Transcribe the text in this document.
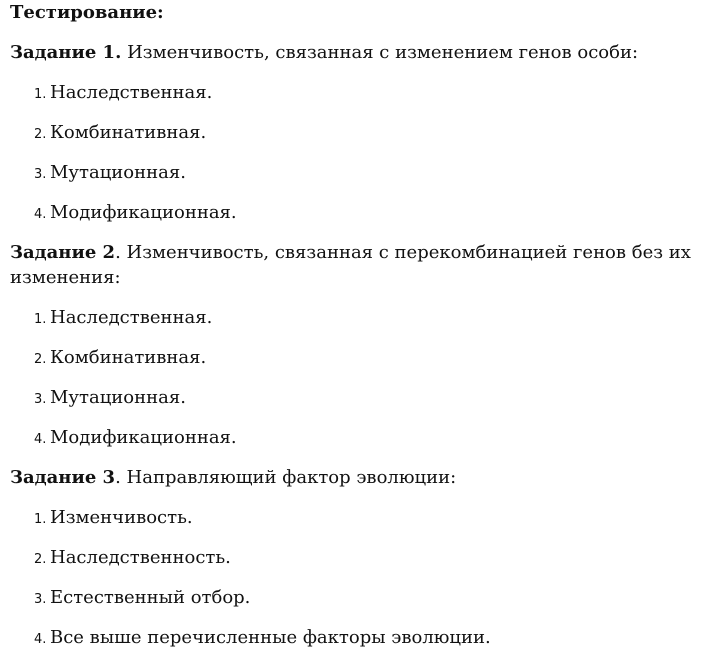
Тестирование:

Задание 1. Изменчивость, связанная с изменением генов особи:

1. Наследственная.
2. Комбинативная.
3. Мутационная.
4. Модификационная.

Задание 2. Изменчивость, связанная с перекомбинацией генов без их изменения:

1. Наследственная.
2. Комбинативная.
3. Мутационная.
4. Модификационная.

Задание 3. Направляющий фактор эволюции:

1. Изменчивость.
2. Наследственность.
3. Естественный отбор.
4. Все выше перечисленные факторы эволюции.
